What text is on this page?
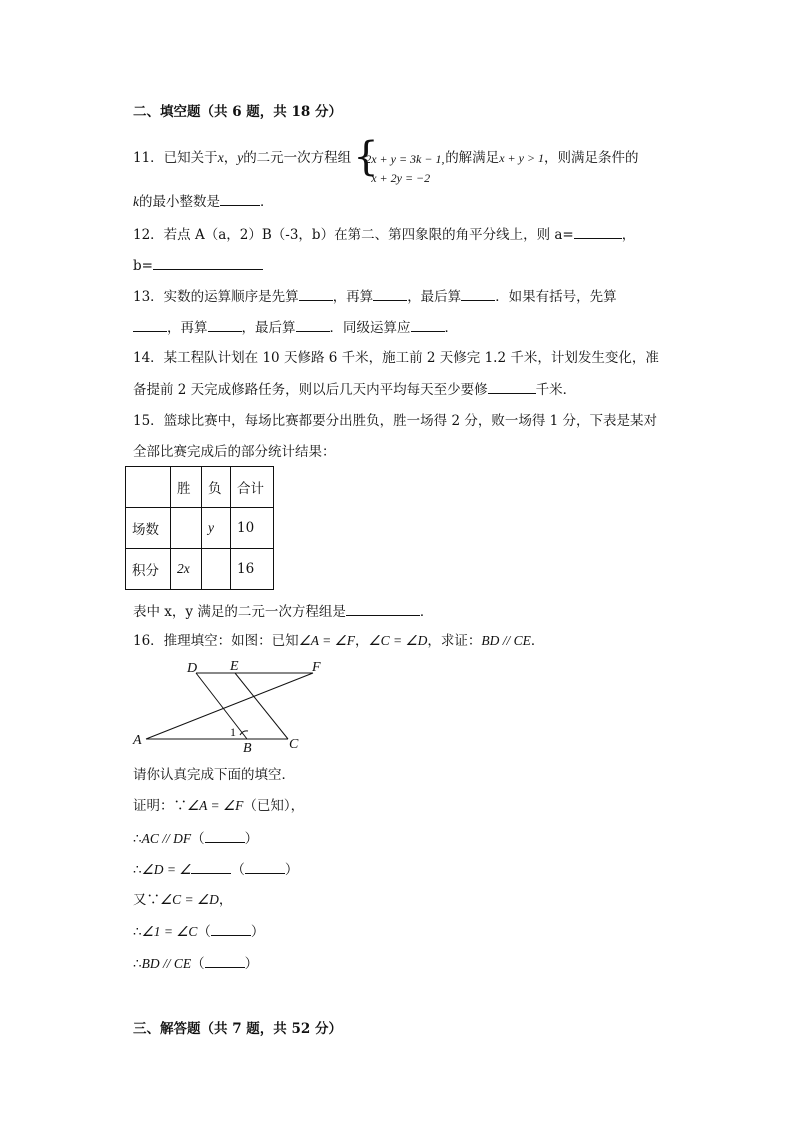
二、填空题（共 6 题，共 18 分）
11．已知关于x，y的二元一次方程组 {
2x + y = 3k − 1,
x + 2y = −2
的解满足x + y > 1，则满足条件的
k的最小整数是	．
12．若点 A（a，2）B（-3，b）在第二、第四象限的角平分线上，则 a=	，
b=
13．实数的运算顺序是先算	，再算	，最后算	．如果有括号，先算
，再算	，最后算	．同级运算应	．
14．某工程队计划在 10 天修路 6 千米，施工前 2 天修完 1.2 千米，计划发生变化，准
备提前 2 天完成修路任务，则以后几天内平均每天至少要修	千米．
15．篮球比赛中，每场比赛都要分出胜负，胜一场得 2 分，败一场得 1 分，下表是某对
全部比赛完成后的部分统计结果：
	胜	负	合计
场数		y	10
积分	2x		16
表中 x，y 满足的二元一次方程组是	．
16．推理填空：如图：已知∠A = ∠F，∠C = ∠D，求证：BD // CE．
D E	F
A
B	C
1
请你认真完成下面的填空．
证明：∵∠A = ∠F（已知），
∴AC // DF（	）
∴∠D = ∠	（	）
又∵∠C = ∠D，
∴∠1 = ∠C（	）
∴BD // CE（	）
三、解答题（共 7 题，共 52 分）
